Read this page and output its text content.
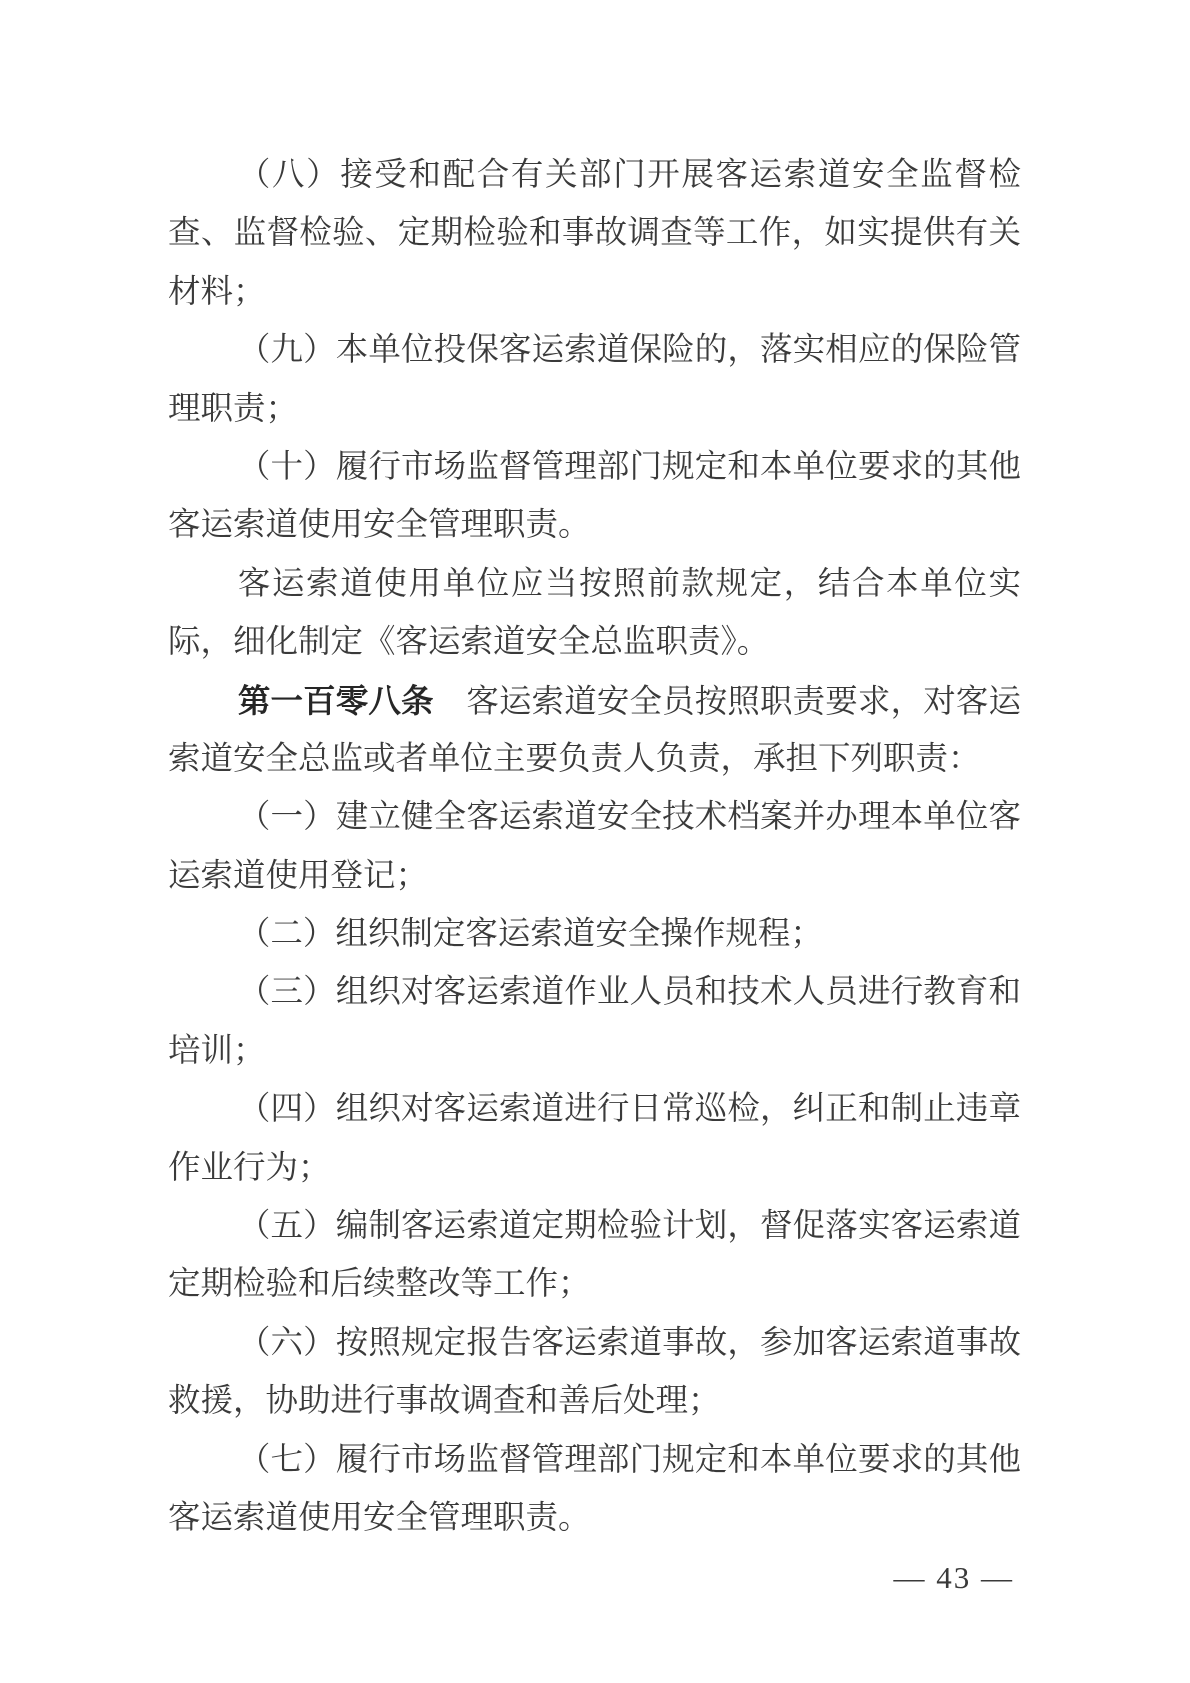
（八）接受和配合有关部门开展客运索道安全监督检
查、监督检验、定期检验和事故调查等工作，如实提供有关
材料；
（九）本单位投保客运索道保险的，落实相应的保险管
理职责；
（十）履行市场监督管理部门规定和本单位要求的其他
客运索道使用安全管理职责。
客运索道使用单位应当按照前款规定，结合本单位实
际，细化制定《客运索道安全总监职责》。
第一百零八条　客运索道安全员按照职责要求，对客运
索道安全总监或者单位主要负责人负责，承担下列职责：
（一）建立健全客运索道安全技术档案并办理本单位客
运索道使用登记；
（二）组织制定客运索道安全操作规程；
（三）组织对客运索道作业人员和技术人员进行教育和
培训；
（四）组织对客运索道进行日常巡检，纠正和制止违章
作业行为；
（五）编制客运索道定期检验计划，督促落实客运索道
定期检验和后续整改等工作；
（六）按照规定报告客运索道事故，参加客运索道事故
救援，协助进行事故调查和善后处理；
（七）履行市场监督管理部门规定和本单位要求的其他
客运索道使用安全管理职责。
— 43 —
